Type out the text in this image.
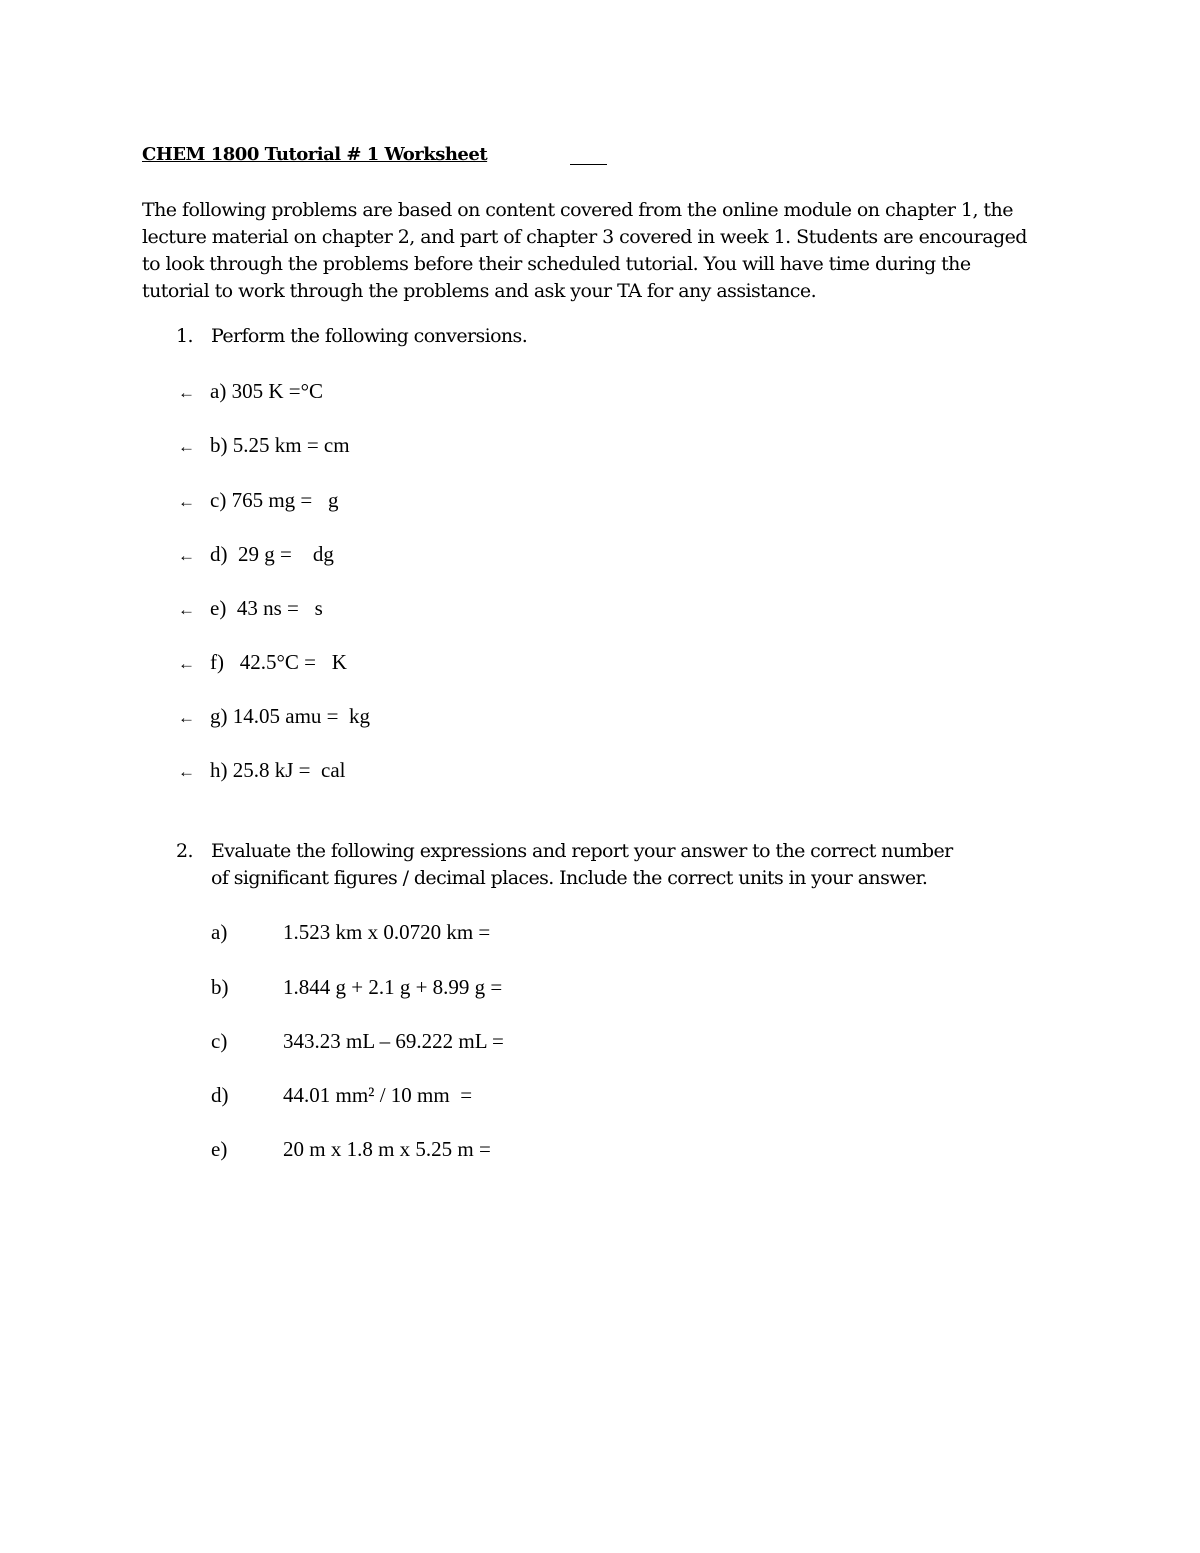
CHEM 1800 Tutorial # 1 Worksheet
The following problems are based on content covered from the online module on chapter 1, the
lecture material on chapter 2, and part of chapter 3 covered in week 1. Students are encouraged
to look through the problems before their scheduled tutorial. You will have time during the
tutorial to work through the problems and ask your TA for any assistance.
1. Perform the following conversions.
← a) 305 K =°C
← b) 5.25 km = cm
← c) 765 mg =   g
← d)  29 g =    dg
← e)  43 ns =   s
← f)   42.5°C =   K
← g) 14.05 amu =  kg
← h) 25.8 kJ =  cal
2. Evaluate the following expressions and report your answer to the correct number
of significant figures / decimal places. Include the correct units in your answer.
a)	1.523 km x 0.0720 km =
b)	1.844 g + 2.1 g + 8.99 g =
c)	343.23 mL – 69.222 mL =
d)	44.01 mm² / 10 mm  =
e)	20 m x 1.8 m x 5.25 m =
